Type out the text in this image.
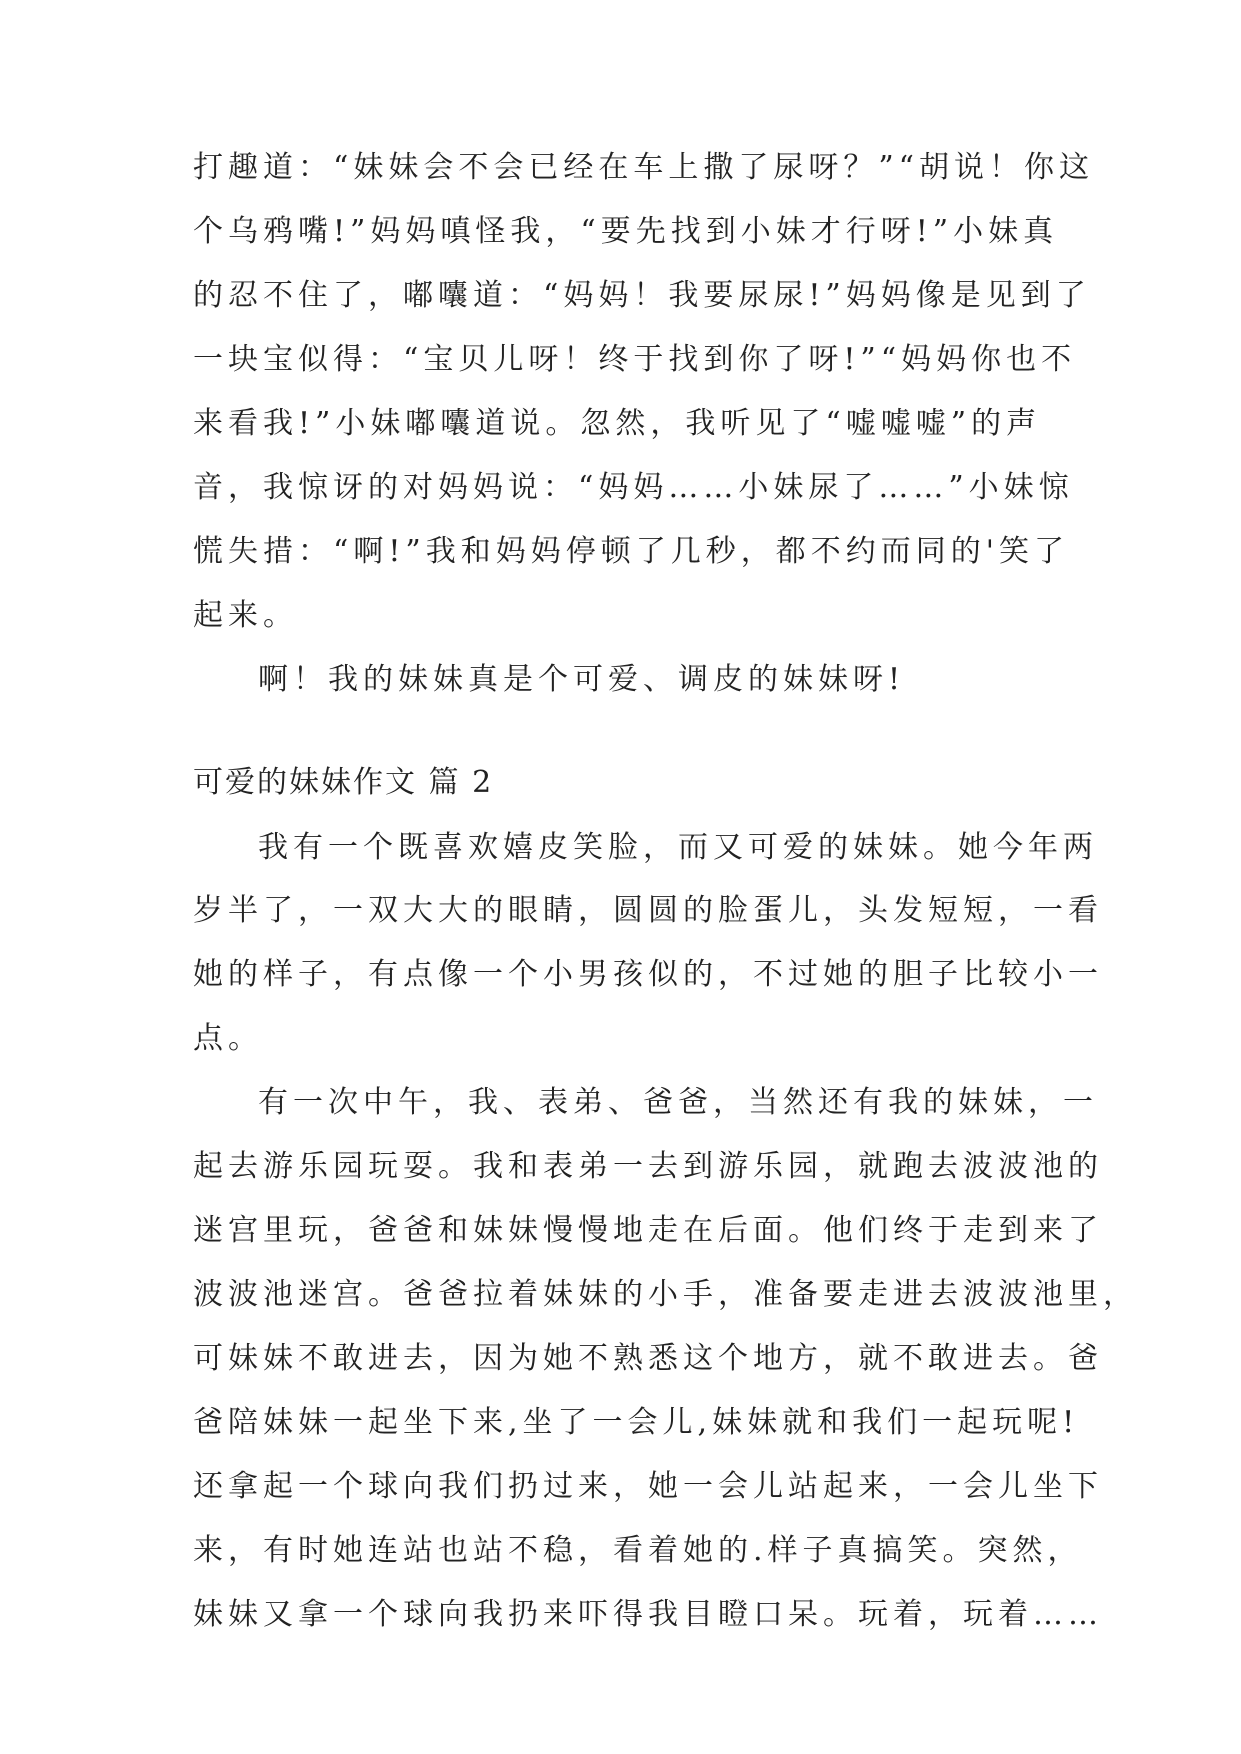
打趣道：“妹妹会不会已经在车上撒了尿呀？”“胡说！你这
个乌鸦嘴!”妈妈嗔怪我，“要先找到小妹才行呀!”小妹真
的忍不住了，嘟囔道：“妈妈！我要尿尿!”妈妈像是见到了
一块宝似得：“宝贝儿呀！终于找到你了呀!”“妈妈你也不
来看我!”小妹嘟囔道说。忽然，我听见了“嘘嘘嘘”的声
音，我惊讶的对妈妈说：“妈妈……小妹尿了……”小妹惊
慌失措：“啊!”我和妈妈停顿了几秒，都不约而同的'笑了
起来。
啊！我的妹妹真是个可爱、调皮的妹妹呀!
可爱的妹妹作文 篇 2
我有一个既喜欢嬉皮笑脸，而又可爱的妹妹。她今年两
岁半了，一双大大的眼睛，圆圆的脸蛋儿，头发短短，一看
她的样子，有点像一个小男孩似的，不过她的胆子比较小一
点。
有一次中午，我、表弟、爸爸，当然还有我的妹妹，一
起去游乐园玩耍。我和表弟一去到游乐园，就跑去波波池的
迷宫里玩，爸爸和妹妹慢慢地走在后面。他们终于走到来了
波波池迷宫。爸爸拉着妹妹的小手，准备要走进去波波池里，
可妹妹不敢进去，因为她不熟悉这个地方，就不敢进去。爸
爸陪妹妹一起坐下来,坐了一会儿,妹妹就和我们一起玩呢!
还拿起一个球向我们扔过来，她一会儿站起来，一会儿坐下
来，有时她连站也站不稳，看着她的.样子真搞笑。突然，
妹妹又拿一个球向我扔来吓得我目瞪口呆。玩着，玩着……
